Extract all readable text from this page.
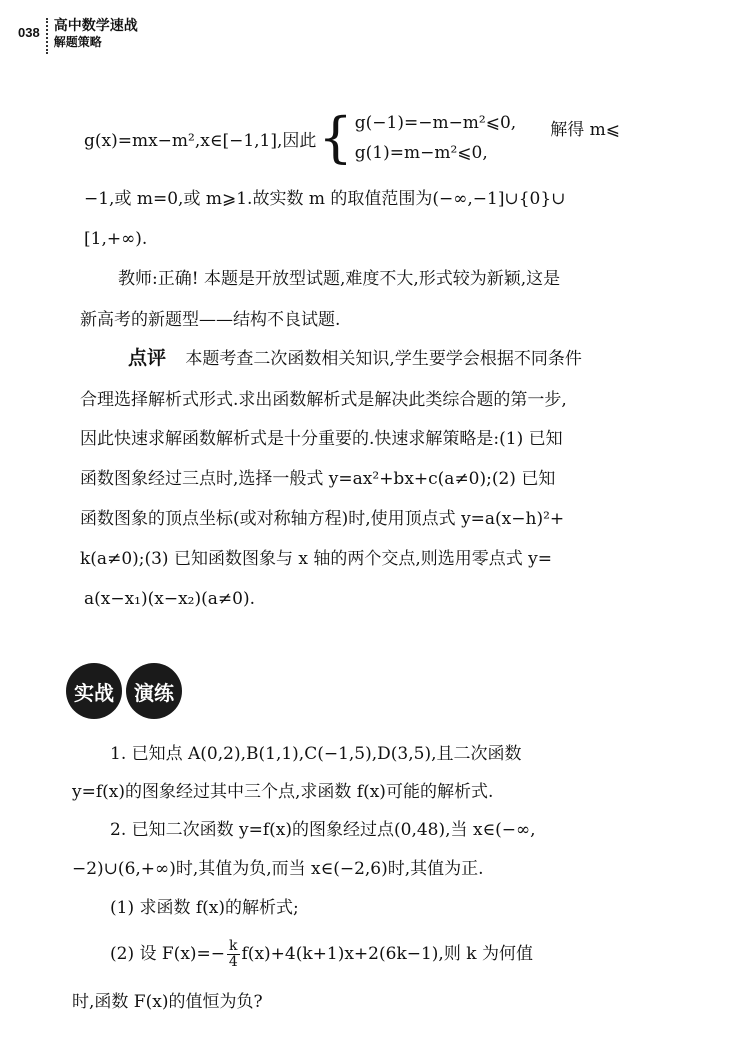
038 高中数学速战
解题策略
g(x)=mx−m²,x∈[−1,1],因此 { g(−1)=−m−m²⩽0,
g(1)=m−m²⩽0,
解得 m⩽
−1,或 m=0,或 m⩾1.故实数 m 的取值范围为(−∞,−1]∪{0}∪
[1,+∞).
教师:正确! 本题是开放型试题,难度不大,形式较为新颖,这是
新高考的新题型——结构不良试题.
点评 本题考查二次函数相关知识,学生要学会根据不同条件
合理选择解析式形式.求出函数解析式是解决此类综合题的第一步,
因此快速求解函数解析式是十分重要的.快速求解策略是:(1) 已知
函数图象经过三点时,选择一般式 y=ax²+bx+c(a≠0);(2) 已知
函数图象的顶点坐标(或对称轴方程)时,使用顶点式 y=a(x−h)²+
k(a≠0);(3) 已知函数图象与 x 轴的两个交点,则选用零点式 y=
a(x−x₁)(x−x₂)(a≠0).
实战	演练
1. 已知点 A(0,2),B(1,1),C(−1,5),D(3,5),且二次函数
y=f(x)的图象经过其中三个点,求函数 f(x)可能的解析式.
2. 已知二次函数 y=f(x)的图象经过点(0,48),当 x∈(−∞,
−2)∪(6,+∞)时,其值为负,而当 x∈(−2,6)时,其值为正.
(1) 求函数 f(x)的解析式;
(2) 设 $F(x)=- \frac{k}{4} f(x)+4(k+1)x+2(6k-1)$,则 k 为何值
时,函数 F(x)的值恒为负?
